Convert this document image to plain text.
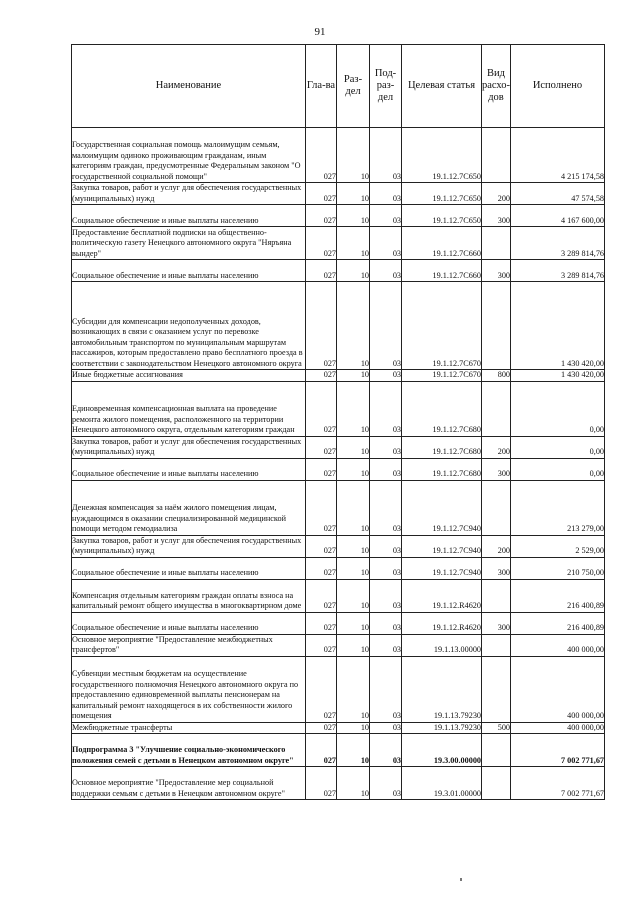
91
Наименование	Гла-ва	Раз-дел	Под-раз-дел	Целевая статья	Вид расхо-дов	Исполнено
Государственная социальная помощь малоимущим семьям, малоимущим одиноко проживающим гражданам, иным категориям граждан, предусмотренные Федеральным законом "О государственной социальной помощи"	027	10	03	19.1.12.7С650		4 215 174,58
Закупка товаров, работ и услуг для обеспечения государственных (муниципальных) нужд	027	10	03	19.1.12.7С650	200	47 574,58
Социальное обеспечение и иные выплаты населению	027	10	03	19.1.12.7С650	300	4 167 600,00
Предоставление бесплатной подписки на общественно-политическую газету Ненецкого автономного округа "Няръяна вындер"	027	10	03	19.1.12.7С660		3 289 814,76
Социальное обеспечение и иные выплаты населению	027	10	03	19.1.12.7С660	300	3 289 814,76
Субсидии для компенсации недополученных доходов, возникающих в связи с оказанием услуг по перевозке автомобильным транспортом по муниципальным маршрутам пассажиров, которым предоставлено право бесплатного проезда в соответствии с законодательством Ненецкого автономного округа	027	10	03	19.1.12.7С670		1 430 420,00
Иные бюджетные ассигнования	027	10	03	19.1.12.7С670	800	1 430 420,00
Единовременная компенсационная выплата на проведение ремонта жилого помещения, расположенного на территории Ненецкого автономного округа, отдельным категориям граждан	027	10	03	19.1.12.7С680		0,00
Закупка товаров, работ и услуг для обеспечения государственных (муниципальных) нужд	027	10	03	19.1.12.7С680	200	0,00
Социальное обеспечение и иные выплаты населению	027	10	03	19.1.12.7С680	300	0,00
Денежная компенсация за наём жилого помещения лицам, нуждающимся в оказании специализированной медицинской помощи методом гемодиализа	027	10	03	19.1.12.7С940		213 279,00
Закупка товаров, работ и услуг для обеспечения государственных (муниципальных) нужд	027	10	03	19.1.12.7С940	200	2 529,00
Социальное обеспечение и иные выплаты населению	027	10	03	19.1.12.7С940	300	210 750,00
Компенсация отдельным категориям граждан оплаты взноса на капитальный ремонт общего имущества в многоквартирном доме	027	10	03	19.1.12.R4620		216 400,89
Социальное обеспечение и иные выплаты населению	027	10	03	19.1.12.R4620	300	216 400,89
Основное мероприятие "Предоставление межбюджетных трансфертов"	027	10	03	19.1.13.00000		400 000,00
Субвенции местным бюджетам на осуществление государственного полномочия Ненецкого автономного округа по предоставлению единовременной выплаты пенсионерам на капитальный ремонт находящегося в их собственности жилого помещения	027	10	03	19.1.13.79230		400 000,00
Межбюджетные трансферты	027	10	03	19.1.13.79230	500	400 000,00
Подпрограмма 3 "Улучшение социально-экономического положения семей с детьми в Ненецком автономном округе"	027	10	03	19.3.00.00000		7 002 771,67
Основное мероприятие "Предоставление мер социальной поддержки семьям с детьми в Ненецком автономном округе"	027	10	03	19.3.01.00000		7 002 771,67
